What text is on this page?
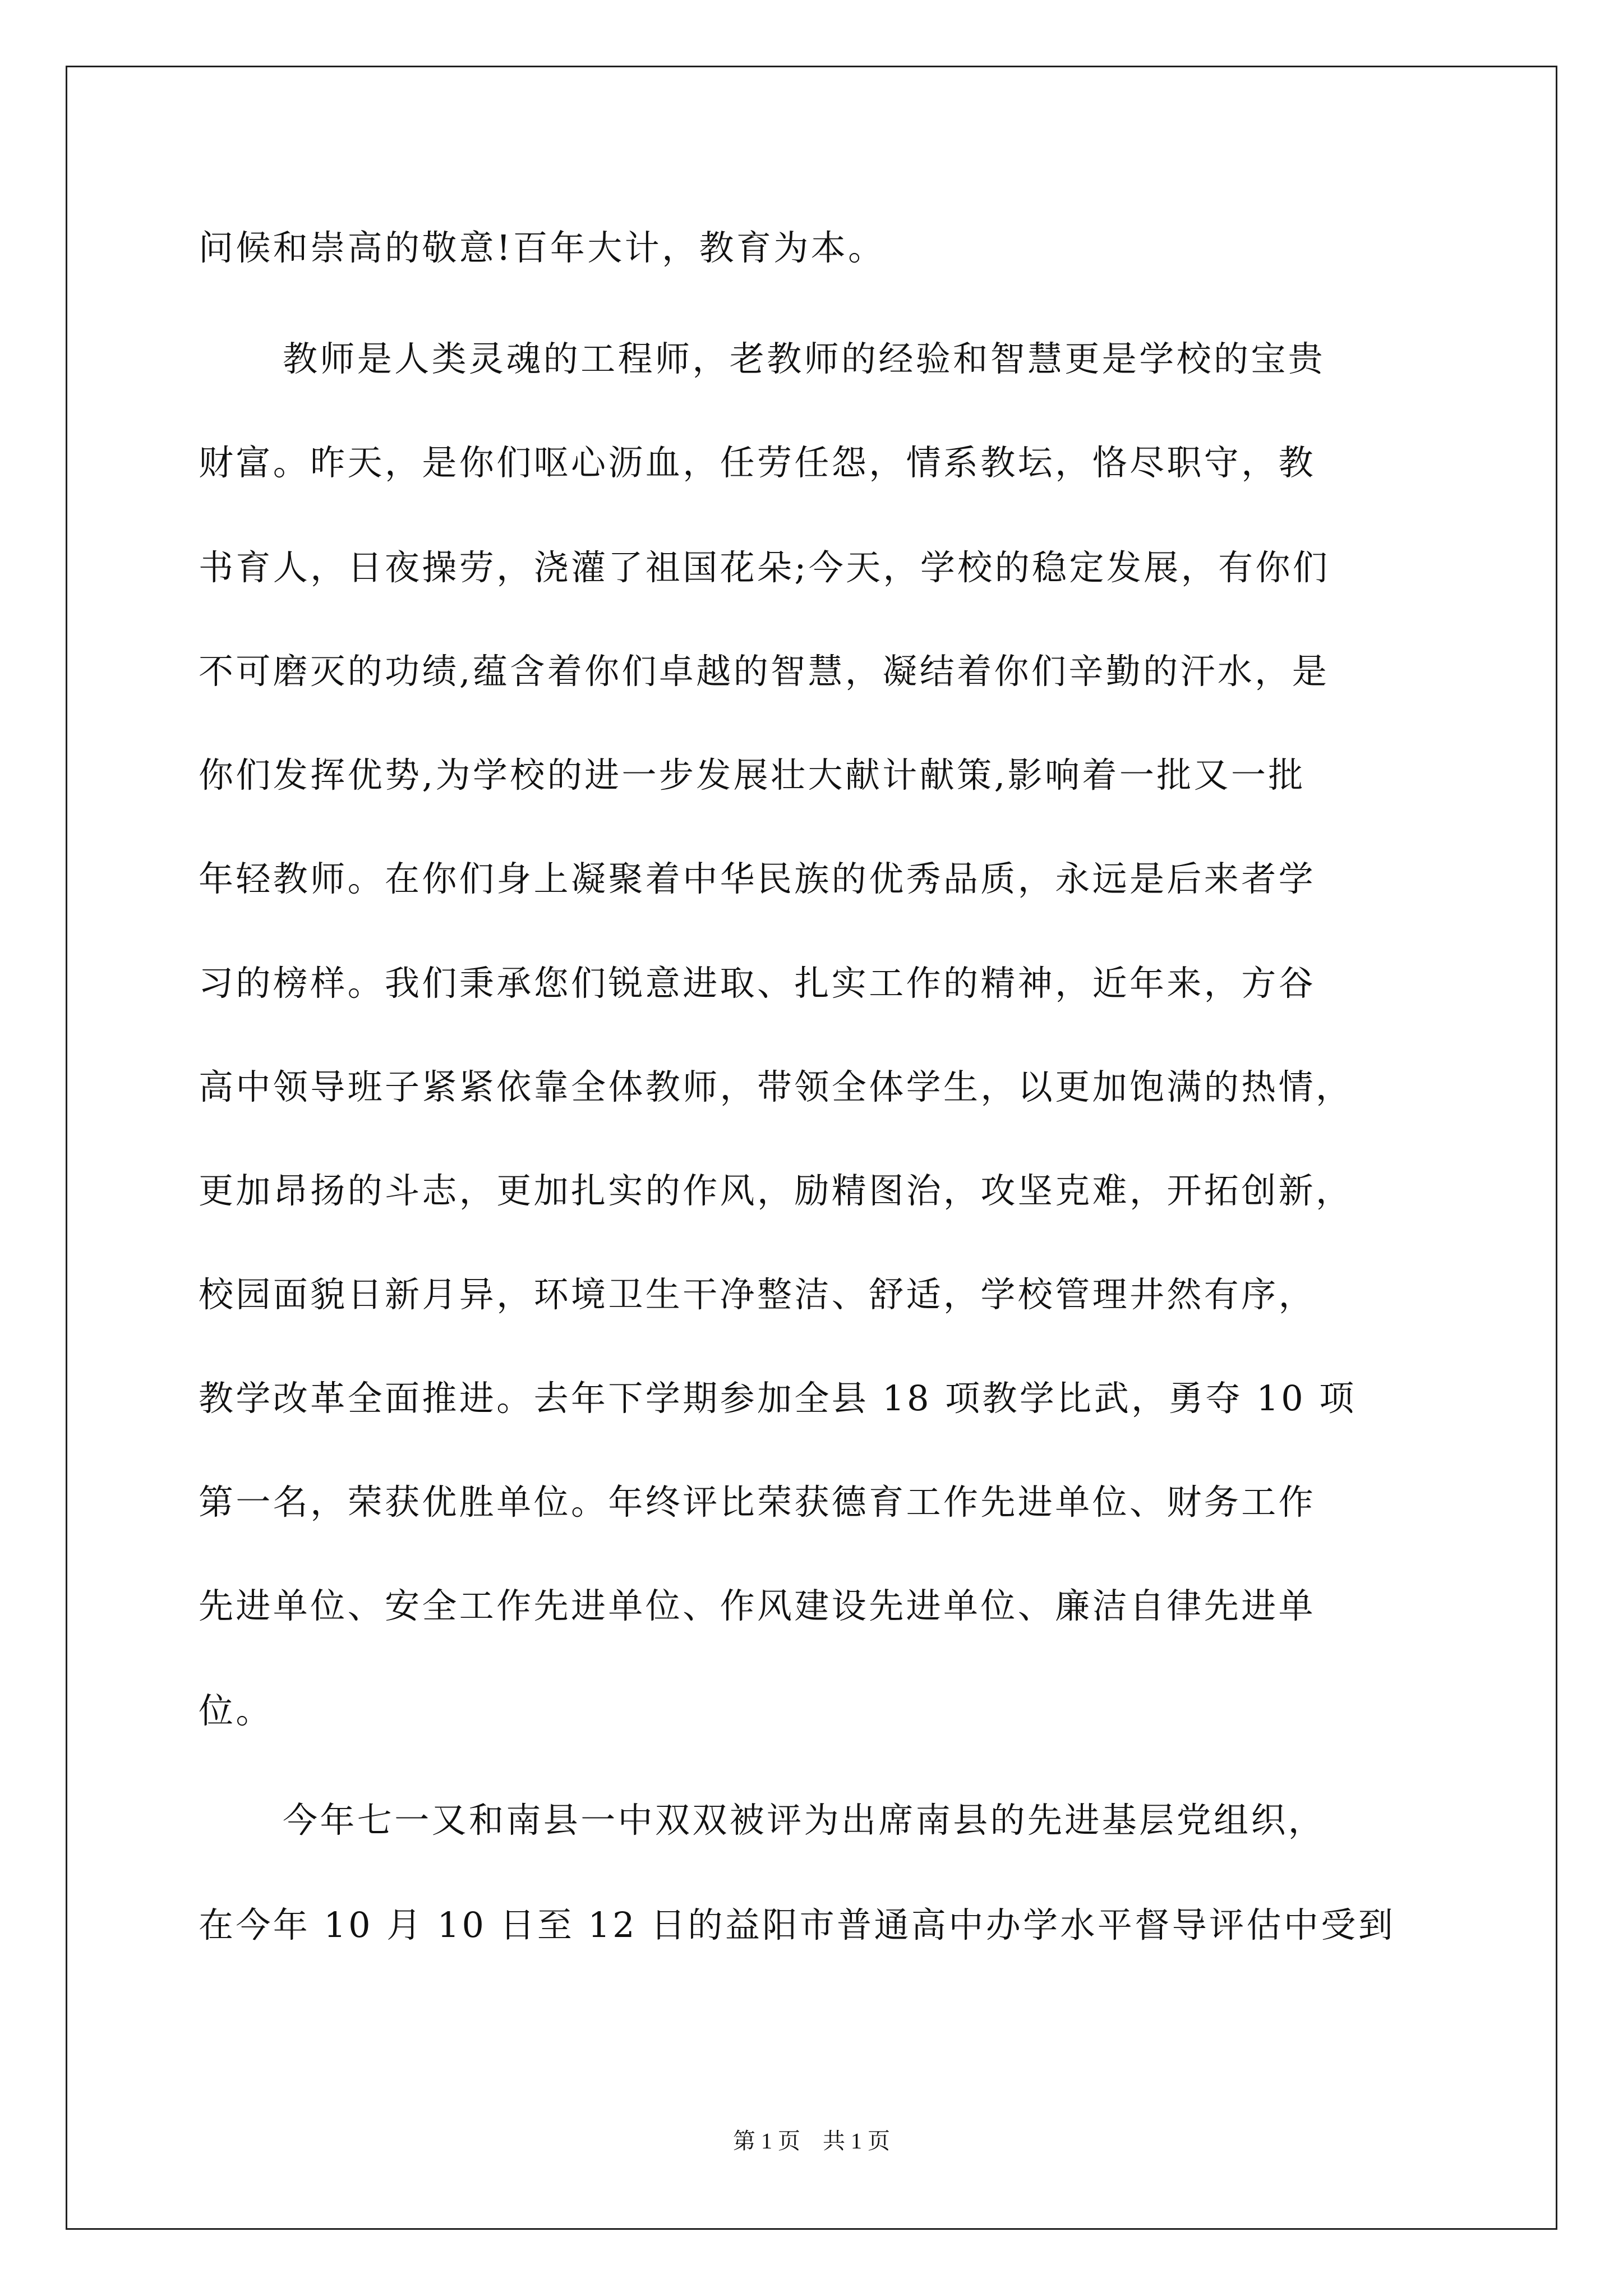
问候和崇高的敬意!百年大计，教育为本。
教师是人类灵魂的工程师，老教师的经验和智慧更是学校的宝贵
财富。昨天，是你们呕心沥血，任劳任怨，情系教坛，恪尽职守，教
书育人，日夜操劳，浇灌了祖国花朵;今天，学校的稳定发展，有你们
不可磨灭的功绩,蕴含着你们卓越的智慧，凝结着你们辛勤的汗水，是
你们发挥优势,为学校的进一步发展壮大献计献策,影响着一批又一批
年轻教师。在你们身上凝聚着中华民族的优秀品质，永远是后来者学
习的榜样。我们秉承您们锐意进取、扎实工作的精神，近年来，方谷
高中领导班子紧紧依靠全体教师，带领全体学生，以更加饱满的热情，
更加昂扬的斗志，更加扎实的作风，励精图治，攻坚克难，开拓创新，
校园面貌日新月异，环境卫生干净整洁、舒适，学校管理井然有序，
教学改革全面推进。去年下学期参加全县 18 项教学比武，勇夺 10 项
第一名，荣获优胜单位。年终评比荣获德育工作先进单位、财务工作
先进单位、安全工作先进单位、作风建设先进单位、廉洁自律先进单
位。
今年七一又和南县一中双双被评为出席南县的先进基层党组织，
在今年 10 月 10 日至 12 日的益阳市普通高中办学水平督导评估中受到
第 1 页　共 1 页
